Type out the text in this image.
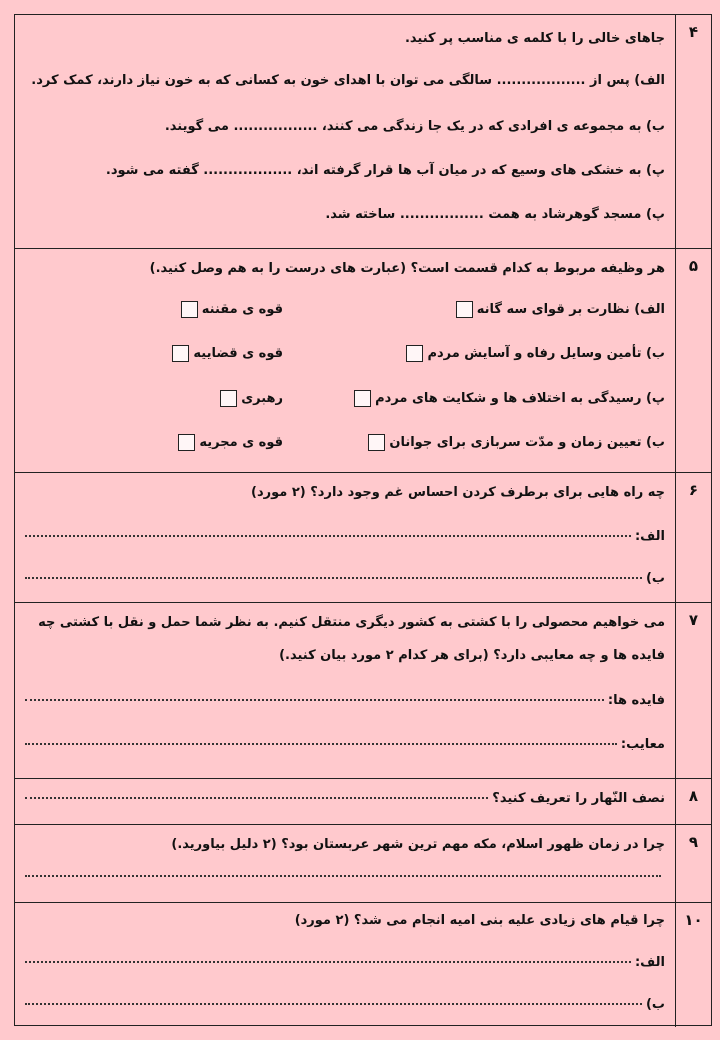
۴
جاهای خالی را با کلمه ی مناسب پر کنید.
الف) پس از .................. سالگی می توان با اهدای خون به کسانی که به خون نیاز دارند، کمک کرد.
ب) به مجموعه ی افرادی که در یک جا زندگی می کنند، ................. می گویند.
پ) به خشکی های وسیع که در میان آب ها قرار گرفته اند، .................. گفته می شود.
پ) مسجد گوهرشاد به همت ................. ساخته شد.
۵
هر وظیفه مربوط به کدام قسمت است؟ (عبارت های درست را به هم وصل کنید.)
الف) نظارت بر قوای سه گانه
ب) تأمین وسایل رفاه و آسایش مردم
پ) رسیدگی به اختلاف ها و شکایت های مردم
ب) تعیین زمان و مدّت سربازی برای جوانان
قوه ی مقننه
قوه ی قضاییه
رهبری
قوه ی مجریه
۶
چه راه هایی برای برطرف کردن احساس غم وجود دارد؟ (۲ مورد)
الف:
ب)
۷
می خواهیم محصولی را با کشتی به کشور دیگری منتقل کنیم. به نظر شما حمل و نقل با کشتی چه
فایده ها و چه معایبی دارد؟ (برای هر کدام ۲ مورد بیان کنید.)
فایده ها:
معایب:
۸
نصف النّهار را تعریف کنید؟
۹
چرا در زمان ظهور اسلام، مکه مهم ترین شهر عربستان بود؟ (۲ دلیل بیاورید.)
۱۰
چرا قیام های زیادی علیه بنی امیه انجام می شد؟ (۲ مورد)
الف:
ب)
